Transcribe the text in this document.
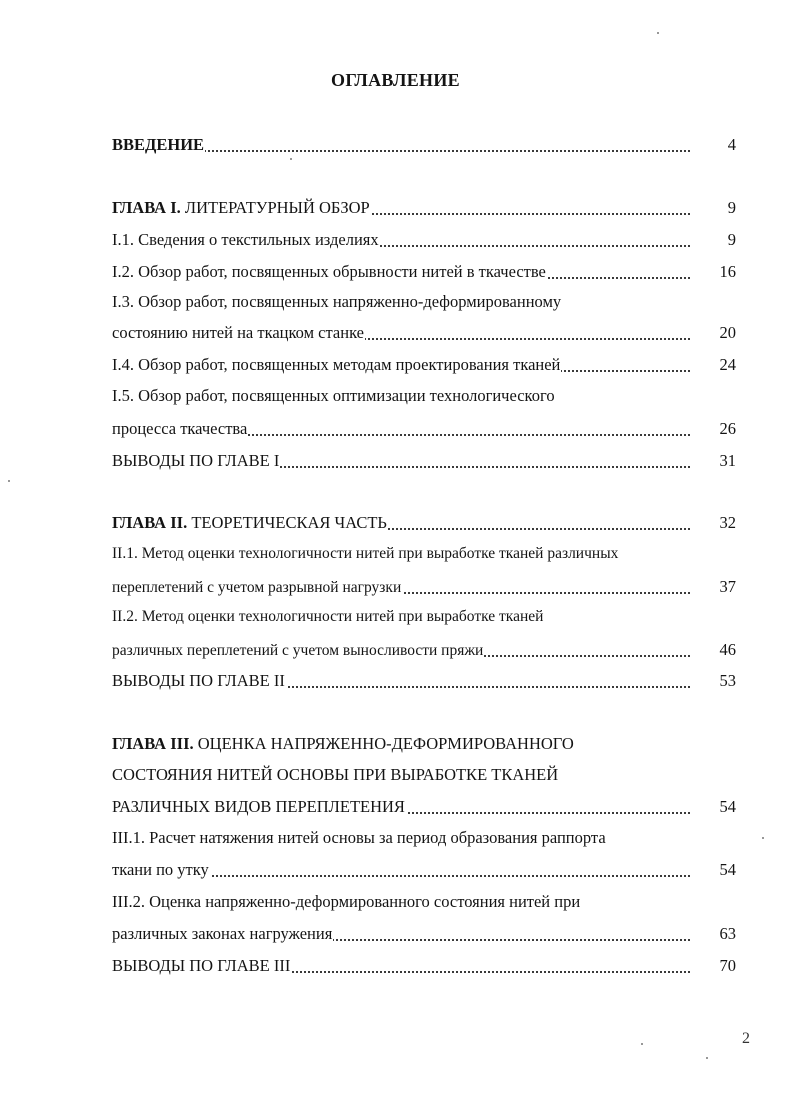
ОГЛАВЛЕНИЕ
ВВЕДЕНИЕ	4
ГЛАВА I. ЛИТЕРАТУРНЫЙ ОБЗОР	9
I.1. Сведения о текстильных изделиях	9
I.2. Обзор работ, посвященных обрывности нитей в ткачестве	16
I.3. Обзор работ, посвященных напряженно-деформированному
состоянию нитей на ткацком станке	20
I.4. Обзор работ, посвященных методам проектирования тканей	24
I.5. Обзор работ, посвященных оптимизации технологического
процесса ткачества	26
ВЫВОДЫ ПО ГЛАВЕ I	31
ГЛАВА II. ТЕОРЕТИЧЕСКАЯ ЧАСТЬ	32
II.1. Метод оценки технологичности нитей при выработке тканей различных
переплетений с учетом разрывной нагрузки	37
II.2. Метод оценки технологичности нитей при выработке тканей
различных переплетений с учетом выносливости пряжи	46
ВЫВОДЫ ПО ГЛАВЕ II	53
ГЛАВА III. ОЦЕНКА НАПРЯЖЕННО-ДЕФОРМИРОВАННОГО
СОСТОЯНИЯ НИТЕЙ ОСНОВЫ ПРИ ВЫРАБОТКЕ ТКАНЕЙ
РАЗЛИЧНЫХ ВИДОВ ПЕРЕПЛЕТЕНИЯ	54
III.1. Расчет натяжения нитей основы за период образования раппорта
ткани по утку	54
III.2. Оценка напряженно-деформированного состояния нитей при
различных законах нагружения	63
ВЫВОДЫ ПО ГЛАВЕ III	70
2
